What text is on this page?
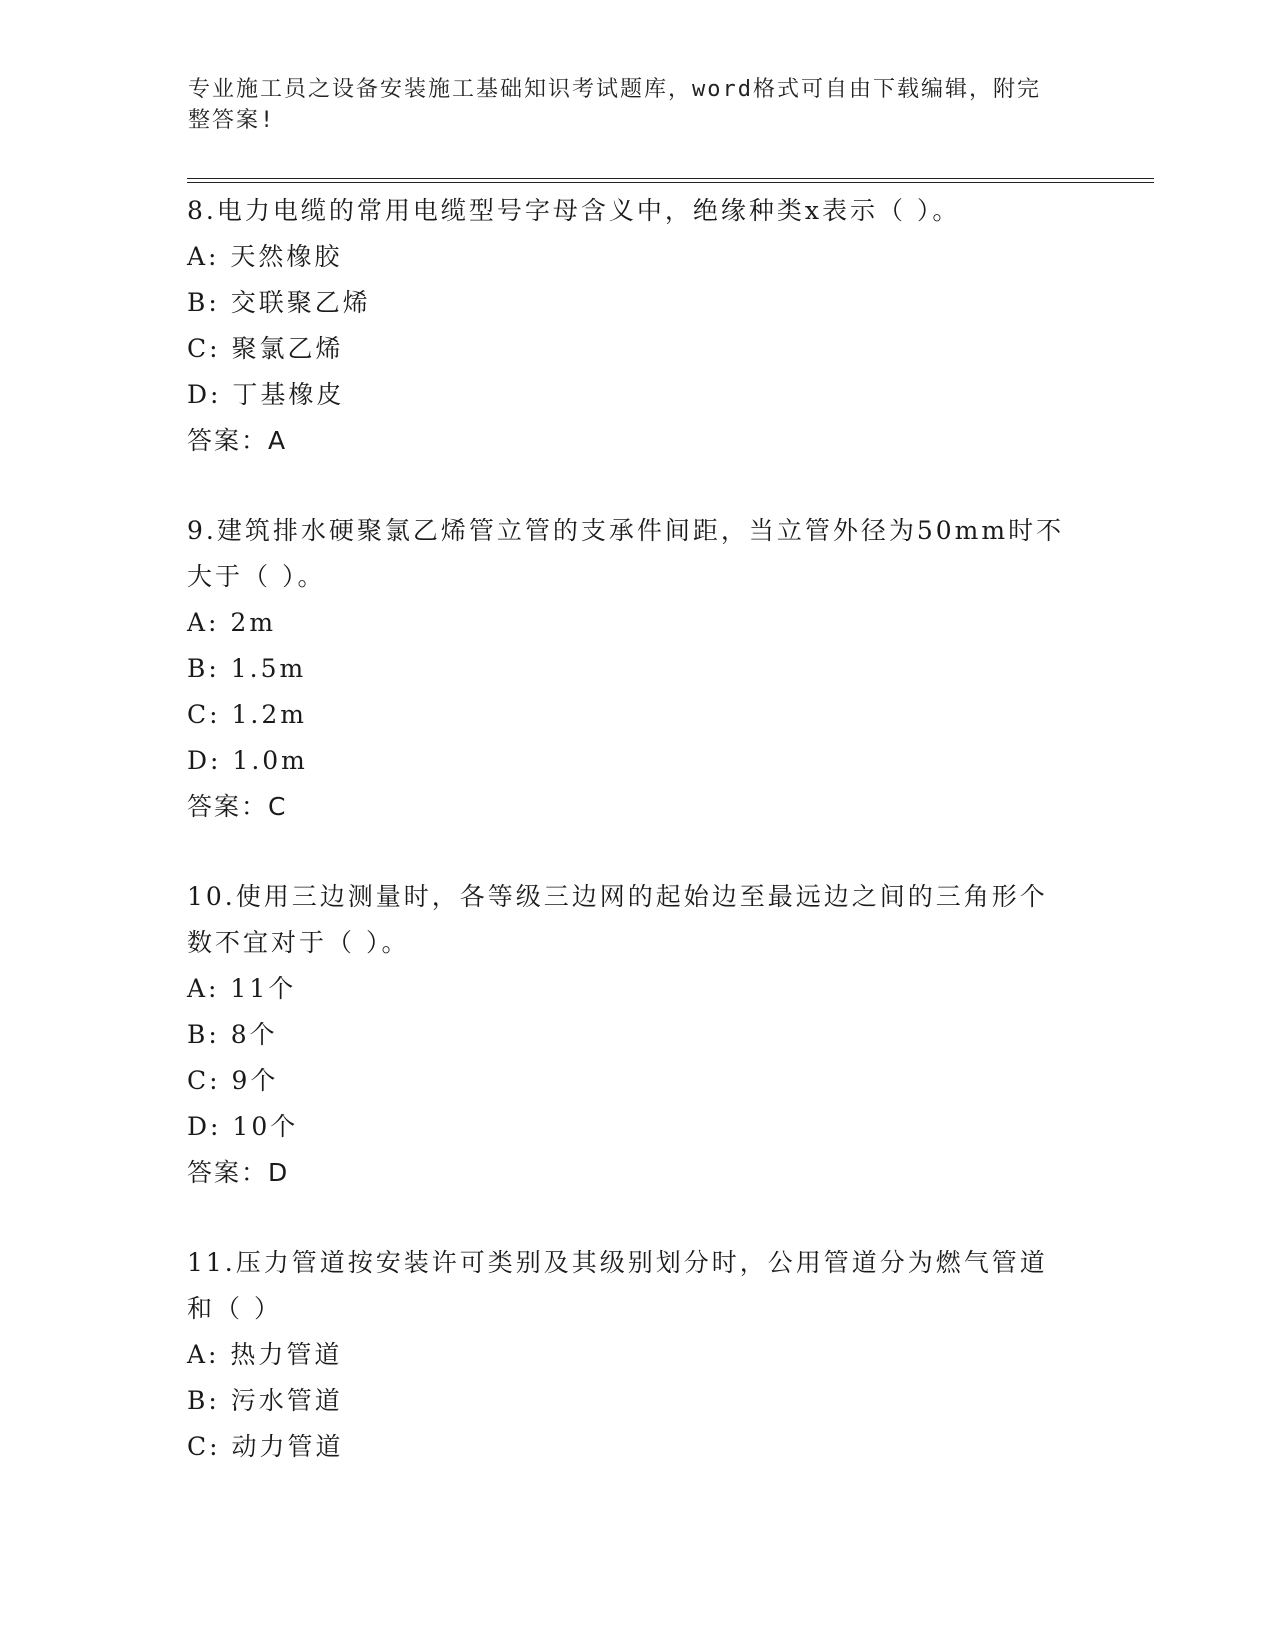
专业施工员之设备安装施工基础知识考试题库，word格式可自由下载编辑，附完
整答案!
8.电力电缆的常用电缆型号字母含义中，绝缘种类x表示（ ）。
A: 天然橡胶
B: 交联聚乙烯
C: 聚氯乙烯
D: 丁基橡皮
答案：A
9.建筑排水硬聚氯乙烯管立管的支承件间距，当立管外径为50mm时不
大于（ ）。
A: 2m
B: 1.5m
C: 1.2m
D: 1.0m
答案：C
10.使用三边测量时，各等级三边网的起始边至最远边之间的三角形个
数不宜对于（ ）。
A: 11个
B: 8个
C: 9个
D: 10个
答案：D
11.压力管道按安装许可类别及其级别划分时，公用管道分为燃气管道
和（ ）
A: 热力管道
B: 污水管道
C: 动力管道
